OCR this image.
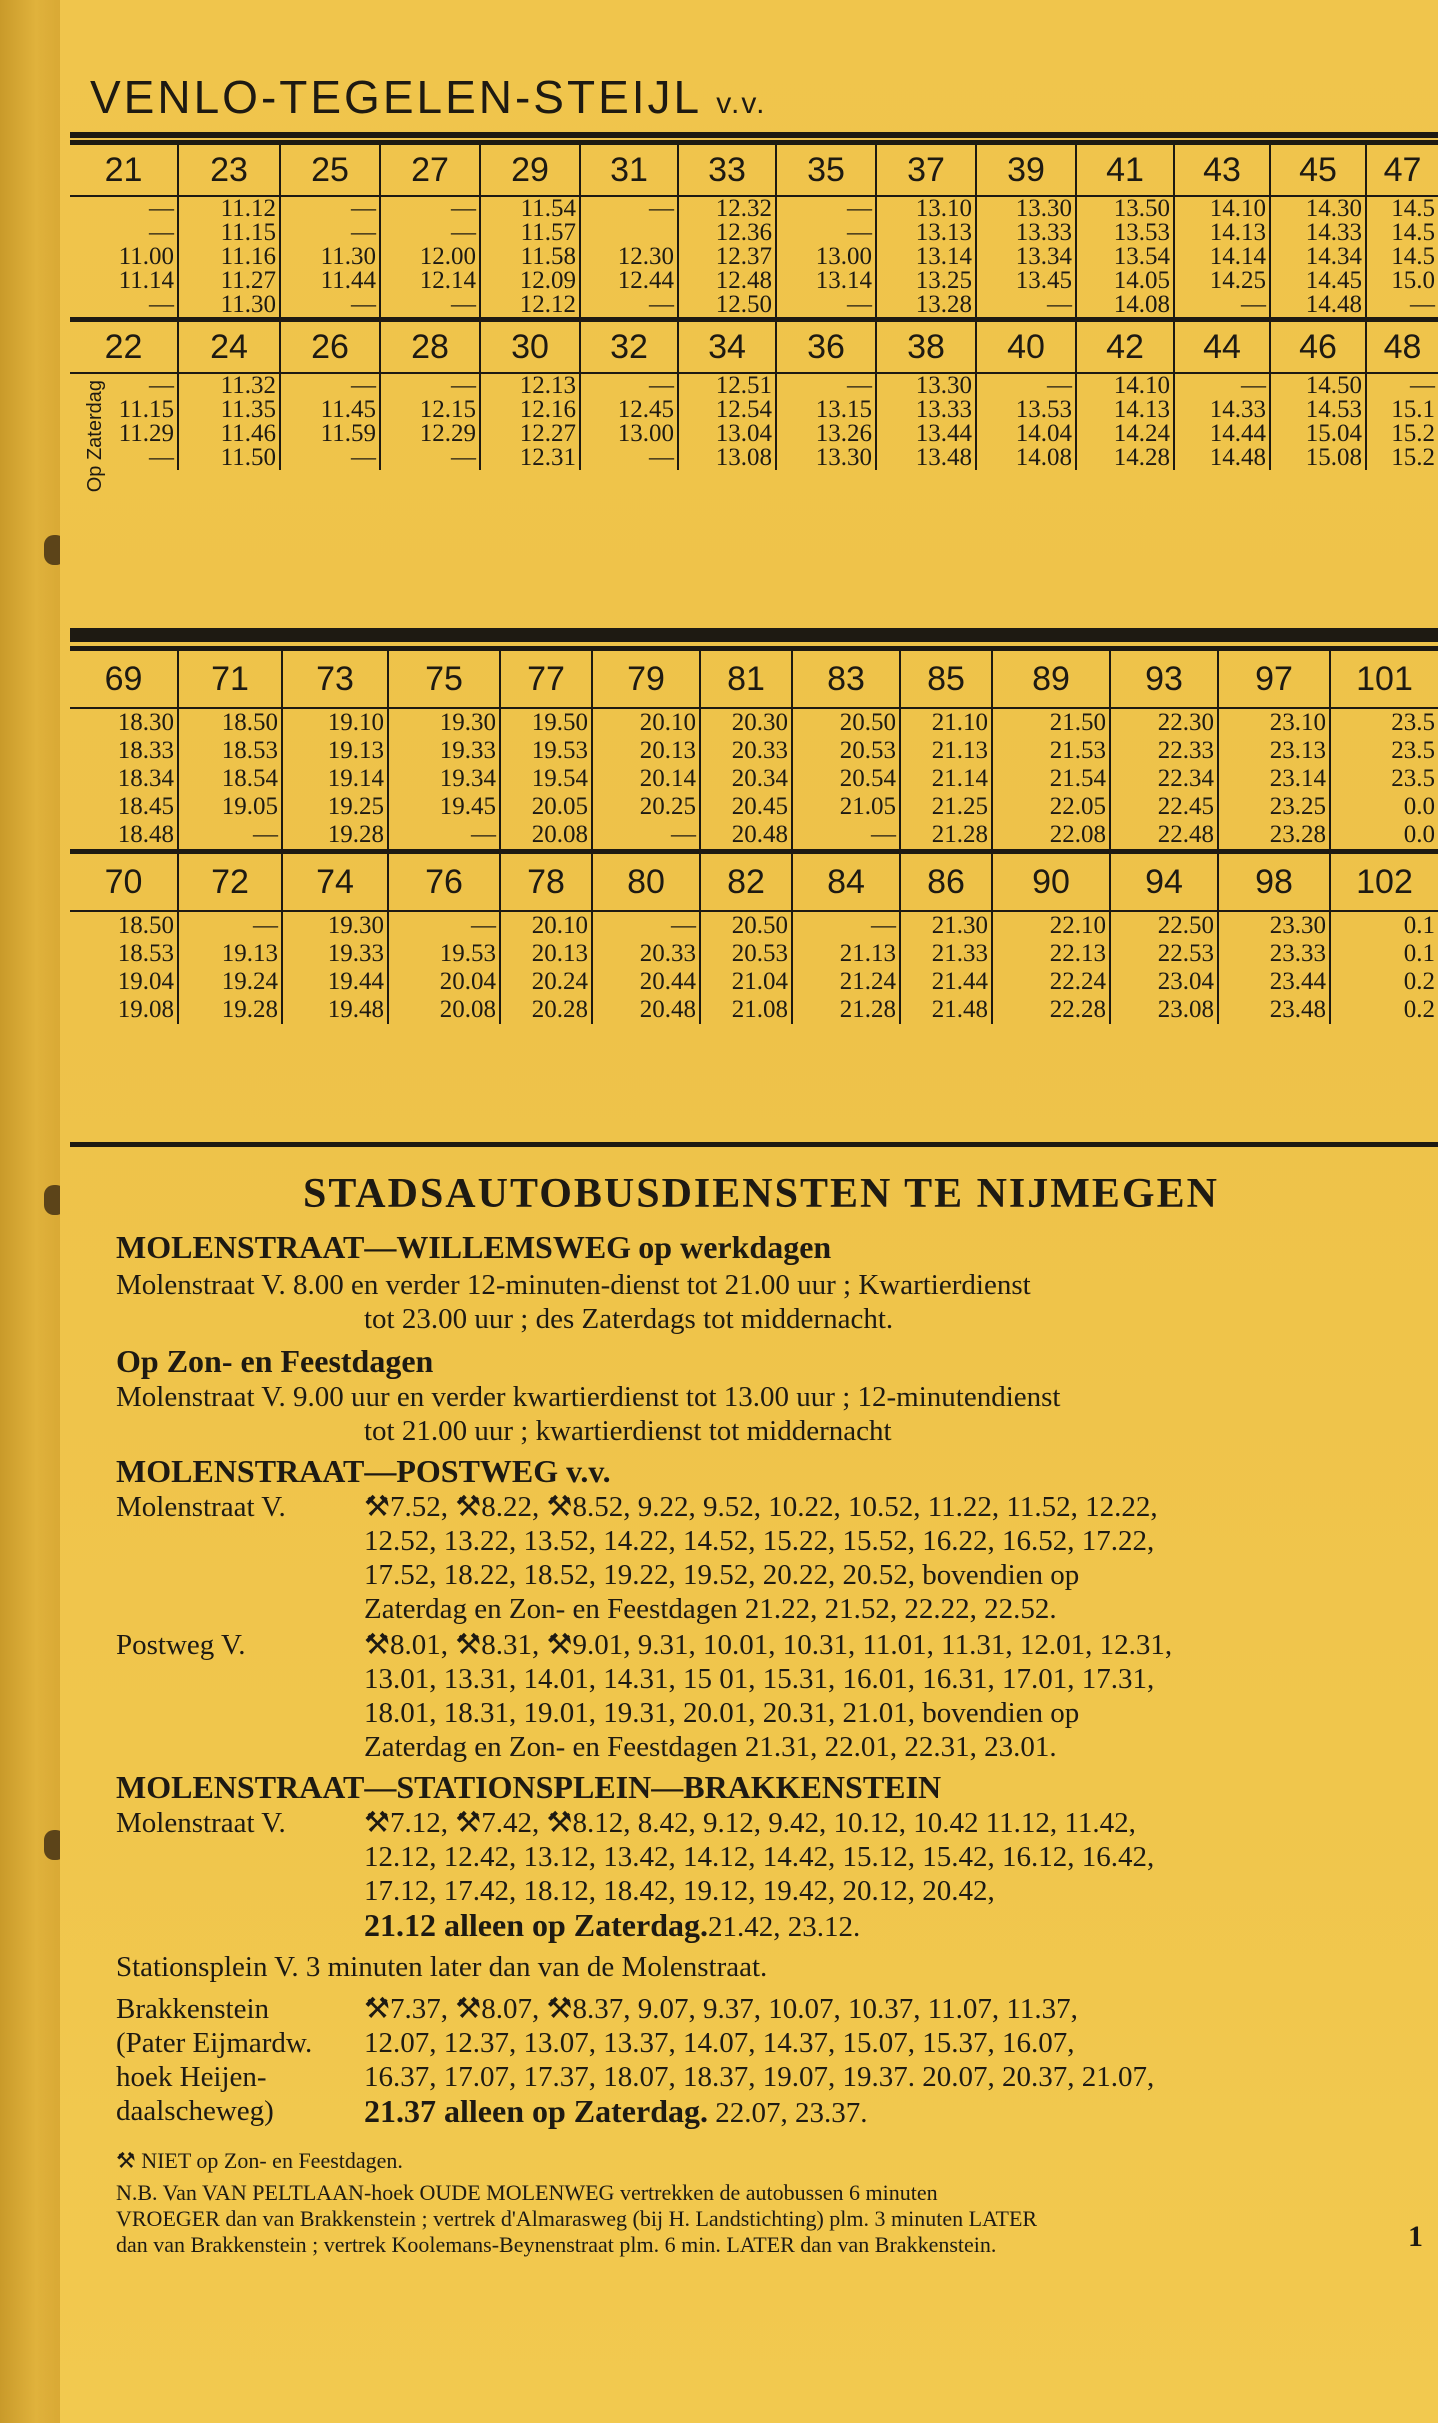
VENLO-TEGELEN-STEIJL v.v.
21	23	25	27	29	31	33	35	37	39	41	43	45	47
—	11.12	—	—	11.54	—	12.32	—	13.10	13.30	13.50	14.10	14.30	14.5
—	11.15	—	—	11.57		12.36	—	13.13	13.33	13.53	14.13	14.33	14.5
11.00	11.16	11.30	12.00	11.58	12.30	12.37	13.00	13.14	13.34	13.54	14.14	14.34	14.5
11.14	11.27	11.44	12.14	12.09	12.44	12.48	13.14	13.25	13.45	14.05	14.25	14.45	15.0
—	11.30	—	—	12.12	—	12.50	—	13.28	—	14.08	—	14.48	—
22	24	26	28	30	32	34	36	38	40	42	44	46	48
—	11.32	—	—	12.13	—	12.51	—	13.30	—	14.10	—	14.50	—
11.15	11.35	11.45	12.15	12.16	12.45	12.54	13.15	13.33	13.53	14.13	14.33	14.53	15.1
11.29	11.46	11.59	12.29	12.27	13.00	13.04	13.26	13.44	14.04	14.24	14.44	15.04	15.2
—	11.50	—	—	12.31	—	13.08	13.30	13.48	14.08	14.28	14.48	15.08	15.2
69	71	73	75	77	79	81	83	85	89	93	97	101
18.30	18.50	19.10	19.30	19.50	20.10	20.30	20.50	21.10	21.50	22.30	23.10	23.5
18.33	18.53	19.13	19.33	19.53	20.13	20.33	20.53	21.13	21.53	22.33	23.13	23.5
18.34	18.54	19.14	19.34	19.54	20.14	20.34	20.54	21.14	21.54	22.34	23.14	23.5
18.45	19.05	19.25	19.45	20.05	20.25	20.45	21.05	21.25	22.05	22.45	23.25	0.0
18.48	—	19.28	—	20.08	—	20.48	—	21.28	22.08	22.48	23.28	0.0
70	72	74	76	78	80	82	84	86	90	94	98	102
18.50	—	19.30	—	20.10	—	20.50	—	21.30	22.10	22.50	23.30	0.1
18.53	19.13	19.33	19.53	20.13	20.33	20.53	21.13	21.33	22.13	22.53	23.33	0.1
19.04	19.24	19.44	20.04	20.24	20.44	21.04	21.24	21.44	22.24	23.04	23.44	0.2
19.08	19.28	19.48	20.08	20.28	20.48	21.08	21.28	21.48	22.28	23.08	23.48	0.2
Op Zaterdag
STADSAUTOBUSDIENSTEN TE NIJMEGEN
MOLENSTRAAT—WILLEMSWEG op werkdagen
Molenstraat V. 8.00 en verder 12-minuten-dienst tot 21.00 uur ; Kwartierdienst
tot 23.00 uur ; des Zaterdags tot middernacht.
Op Zon- en Feestdagen
Molenstraat V. 9.00 uur en verder kwartierdienst tot 13.00 uur ; 12-minutendienst
tot 21.00 uur ; kwartierdienst tot middernacht
MOLENSTRAAT—POSTWEG v.v.
Molenstraat V.	⚒7.52, ⚒8.22, ⚒8.52, 9.22, 9.52, 10.22, 10.52, 11.22, 11.52, 12.22,
12.52, 13.22, 13.52, 14.22, 14.52, 15.22, 15.52, 16.22, 16.52, 17.22,
17.52, 18.22, 18.52, 19.22, 19.52, 20.22, 20.52, bovendien op
Zaterdag en Zon- en Feestdagen 21.22, 21.52, 22.22, 22.52.
Postweg V.	⚒8.01, ⚒8.31, ⚒9.01, 9.31, 10.01, 10.31, 11.01, 11.31, 12.01, 12.31,
13.01, 13.31, 14.01, 14.31, 15 01, 15.31, 16.01, 16.31, 17.01, 17.31,
18.01, 18.31, 19.01, 19.31, 20.01, 20.31, 21.01, bovendien op
Zaterdag en Zon- en Feestdagen 21.31, 22.01, 22.31, 23.01.
MOLENSTRAAT—STATIONSPLEIN—BRAKKENSTEIN
Molenstraat V.	⚒7.12, ⚒7.42, ⚒8.12, 8.42, 9.12, 9.42, 10.12, 10.42 11.12, 11.42,
12.12, 12.42, 13.12, 13.42, 14.12, 14.42, 15.12, 15.42, 16.12, 16.42,
17.12, 17.42, 18.12, 18.42, 19.12, 19.42, 20.12, 20.42,
21.12 alleen op Zaterdag.21.42, 23.12.
Stationsplein V. 3 minuten later dan van de Molenstraat.
Brakkenstein
(Pater Eijmardw.
hoek Heijen-
daalscheweg)
⚒7.37, ⚒8.07, ⚒8.37, 9.07, 9.37, 10.07, 10.37, 11.07, 11.37,
12.07, 12.37, 13.07, 13.37, 14.07, 14.37, 15.07, 15.37, 16.07,
16.37, 17.07, 17.37, 18.07, 18.37, 19.07, 19.37. 20.07, 20.37, 21.07,
21.37 alleen op Zaterdag. 22.07, 23.37.
⚒ NIET op Zon- en Feestdagen.
N.B. Van VAN PELTLAAN-hoek OUDE MOLENWEG vertrekken de autobussen 6 minuten
VROEGER dan van Brakkenstein ; vertrek d'Almarasweg (bij H. Landstichting) plm. 3 minuten LATER
dan van Brakkenstein ; vertrek Koolemans-Beynenstraat plm. 6 min. LATER dan van Brakkenstein.	1
